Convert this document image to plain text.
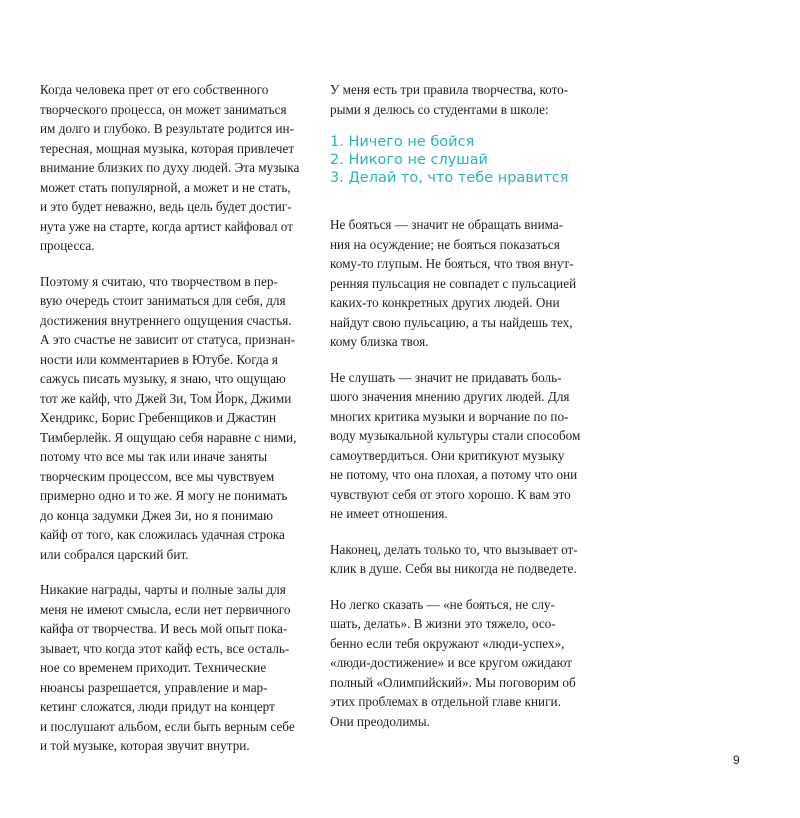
Когда человека прет от его собственного
творческого процесса, он может заниматься
им долго и глубоко. В результате родится ин-
тересная, мощная музыка, которая привлечет
внимание близких по духу людей. Эта музыка
может стать популярной, а может и не стать,
и это будет неважно, ведь цель будет достиг-
нута уже на старте, когда артист кайфовал от
процесса.

Поэтому я считаю, что творчеством в пер-
вую очередь стоит заниматься для себя, для
достижения внутреннего ощущения счастья.
А это счастье не зависит от статуса, признан-
ности или комментариев в Ютубе. Когда я
сажусь писать музыку, я знаю, что ощущаю
тот же кайф, что Джей Зи, Том Йорк, Джими
Хендрикс, Борис Гребенщиков и Джастин
Тимберлейк. Я ощущаю себя наравне с ними,
потому что все мы так или иначе заняты
творческим процессом, все мы чувствуем
примерно одно и то же. Я могу не понимать
до конца задумки Джея Зи, но я понимаю
кайф от того, как сложилась удачная строка
или собрался царский бит.

Никакие награды, чарты и полные залы для
меня не имеют смысла, если нет первичного
кайфа от творчества. И весь мой опыт пока-
зывает, что когда этот кайф есть, все осталь-
ное со временем приходит. Технические
нюансы разрешается, управление и мар-
кетинг сложатся, люди придут на концерт
и послушают альбом, если быть верным себе
и той музыке, которая звучит внутри.

У меня есть три правила творчества, кото-
рыми я делюсь со студентами в школе:

1. Ничего не бойся
2. Никого не слушай
3. Делай то, что тебе нравится

Не бояться — значит не обращать внима-
ния на осуждение; не бояться показаться
кому-то глупым. Не бояться, что твоя внут-
ренняя пульсация не совпадет с пульсацией
каких-то конкретных других людей. Они
найдут свою пульсацию, а ты найдешь тех,
кому близка твоя.

Не слушать — значит не придавать боль-
шого значения мнению других людей. Для
многих критика музыки и ворчание по по-
воду музыкальной культуры стали способом
самоутвердиться. Они критикуют музыку
не потому, что она плохая, а потому что они
чувствуют себя от этого хорошо. К вам это
не имеет отношения.

Наконец, делать только то, что вызывает от-
клик в душе. Себя вы никогда не подведете.

Но легко сказать — «не бояться, не слу-
шать, делать». В жизни это тяжело, осо-
бенно если тебя окружают «люди-успех»,
«люди-достижение» и все кругом ожидают
полный «Олимпийский». Мы поговорим об
этих проблемах в отдельной главе книги.
Они преодолимы.

9
